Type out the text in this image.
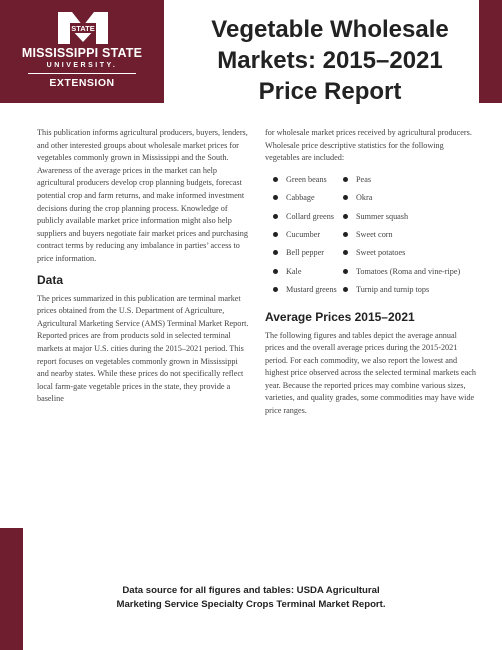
STATE
MISSISSIPPI STATE
UNIVERSITY.
EXTENSION
Vegetable Wholesale
Markets: 2015–2021
Price Report

This publication informs agricultural producers, buyers, lenders, and other interested groups about wholesale market prices for vegetables commonly grown in Mississippi and the South. Awareness of the average prices in the market can help agricultural producers develop crop planning budgets, forecast potential crop and farm returns, and make informed investment decisions during the crop planning process. Knowledge of publicly available market price information might also help suppliers and buyers negotiate fair market prices and purchasing contract terms by reducing any imbalance in parties’ access to price information.

Data

The prices summarized in this publication are terminal market prices obtained from the U.S. Department of Agriculture, Agricultural Marketing Service (AMS) Terminal Market Report. Reported prices are from products sold in selected terminal markets at major U.S. cities during the 2015–2021 period. This report focuses on vegetables commonly grown in Mississippi and nearby states. While these prices do not specifically reflect local farm-gate vegetable prices in the state, they provide a baseline

for wholesale market prices received by agricultural producers. Wholesale price descriptive statistics for the following vegetables are included:

Green beans
Cabbage
Collard greens
Cucumber
Bell pepper
Kale
Mustard greens
Peas
Okra
Summer squash
Sweet corn
Sweet potatoes
Tomatoes (Roma and vine-ripe)
Turnip and turnip tops
Average Prices 2015–2021

The following figures and tables depict the average annual prices and the overall average prices during the 2015-2021 period. For each commodity, we also report the lowest and highest price observed across the selected terminal markets each year. Because the reported prices may combine various sizes, varieties, and quality grades, some commodities may have wide price ranges.

Data source for all figures and tables: USDA Agricultural
Marketing Service Specialty Crops Terminal Market Report.
